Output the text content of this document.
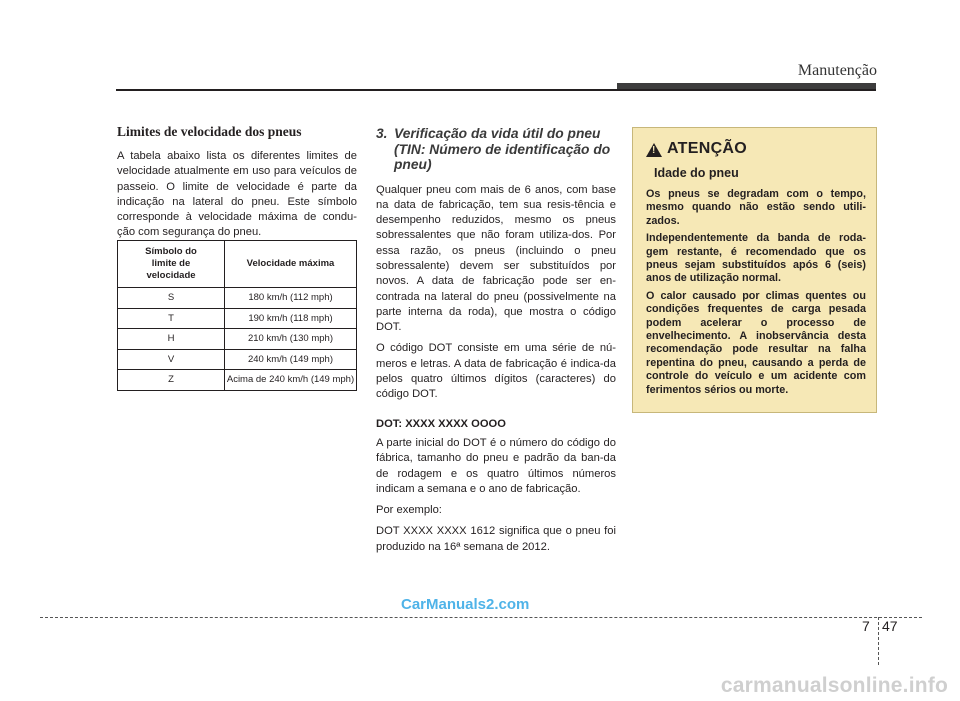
Manutenção
Limites de velocidade dos pneus

A tabela abaixo lista os diferentes limites de velocidade atualmente em uso para veículos de passeio. O limite de velocidade é parte da indicação na lateral do pneu. Este símbolo corresponde à velocidade máxima de condu-ção com segurança do pneu.

Símbolo do limite de velocidade	Velocidade máxima
S	180 km/h (112 mph)
T	190 km/h (118 mph)
H	210 km/h (130 mph)
V	240 km/h (149 mph)
Z	Acima de 240 km/h (149 mph)
3. Verificação da vida útil do pneu (TIN: Número de identificação do pneu)

Qualquer pneu com mais de 6 anos, com base na data de fabricação, tem sua resis-tência e desempenho reduzidos, mesmo os pneus sobressalentes que não foram utiliza-dos. Por essa razão, os pneus (incluindo o pneu sobressalente) devem ser substituídos por novos. A data de fabricação pode ser en-contrada na lateral do pneu (possivelmente na parte interna da roda), que mostra o código DOT.

O código DOT consiste em uma série de nú-meros e letras. A data de fabricação é indica-da pelos quatro últimos dígitos (caracteres) do código DOT.

DOT: XXXX XXXX OOOO

A parte inicial do DOT é o número do código do fábrica, tamanho do pneu e padrão da ban-da de rodagem e os quatro últimos números indicam a semana e o ano de fabricação.

Por exemplo:

DOT XXXX XXXX 1612 significa que o pneu foi produzido na 16ª semana de 2012.

!
ATENÇÃO
Idade do pneu

Os pneus se degradam com o tempo, mesmo quando não estão sendo utili-zados.

Independentemente da banda de roda-gem restante, é recomendado que os pneus sejam substituídos após 6 (seis) anos de utilização normal.

O calor causado por climas quentes ou condições frequentes de carga pesada podem acelerar o processo de envelhecimento. A inobservância desta recomendação pode resultar na falha repentina do pneu, causando a perda de controle do veículo e um acidente com ferimentos sérios ou morte.

CarManuals2.com
7 47
carmanualsonline.info
